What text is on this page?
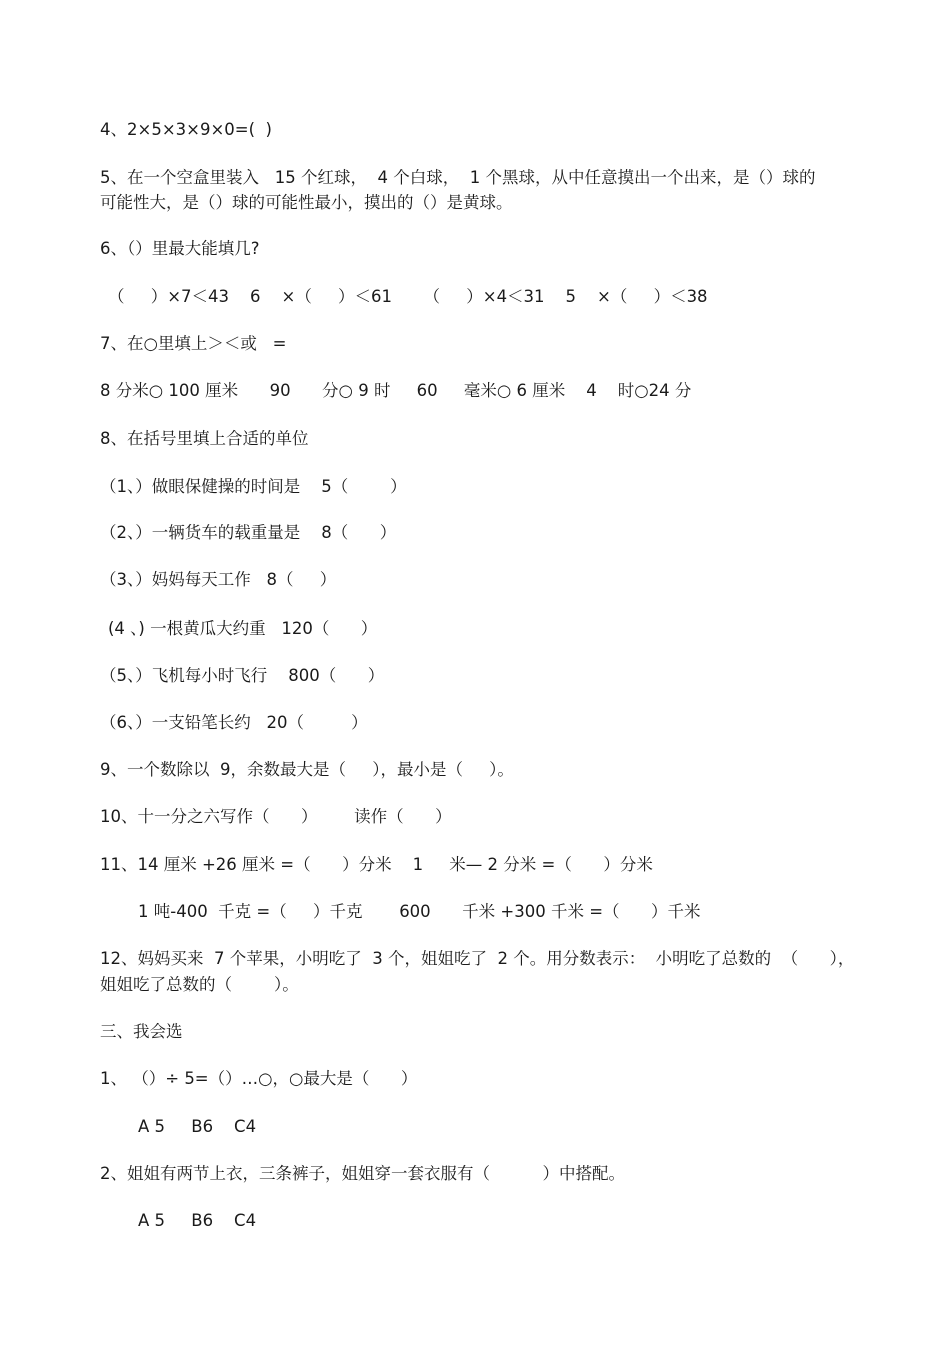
4、2×5×3×9×0=(  )
5、在一个空盒里装入   15 个红球，  4 个白球，  1 个黑球，从中任意摸出一个出来，是（）球的
可能性大，是（）球的可能性最小，摸出的（）是黄球。
6、（）里最大能填几?
（     ）×7＜43    6    ×（     ）＜61      （     ）×4＜31    5    ×（     ）＜38
7、在○里填上＞＜或   =
8 分米○ 100 厘米      90      分○ 9 时     60     毫米○ 6 厘米    4    时○24 分
8、在括号里填上合适的单位
（1、）做眼保健操的时间是    5（        ）
（2、）一辆货车的载重量是    8（      ）
（3、）妈妈每天工作   8（     ）
(4 、) 一根黄瓜大约重   120（      ）
（5、）飞机每小时飞行    800（      ）
（6、）一支铅笔长约   20（         ）
9、一个数除以  9，余数最大是（     ），最小是（     ）。
10、十一分之六写作（      ）       读作（      ）
11、14 厘米 +26 厘米 =（      ）分米    1     米— 2 分米 =（      ）分米
1 吨-400  千克 =（     ）千克       600      千米 +300 千米 =（      ）千米
12、妈妈买来  7 个苹果，小明吃了  3 个，姐姐吃了  2 个。用分数表示：  小明吃了总数的  （      ），
姐姐吃了总数的（        ）。
三、我会选
1、 （）÷ 5=（）…○，○最大是（      ）
A 5     B6    C4
2、姐姐有两节上衣，三条裤子，姐姐穿一套衣服有（          ）中搭配。
A 5     B6    C4
